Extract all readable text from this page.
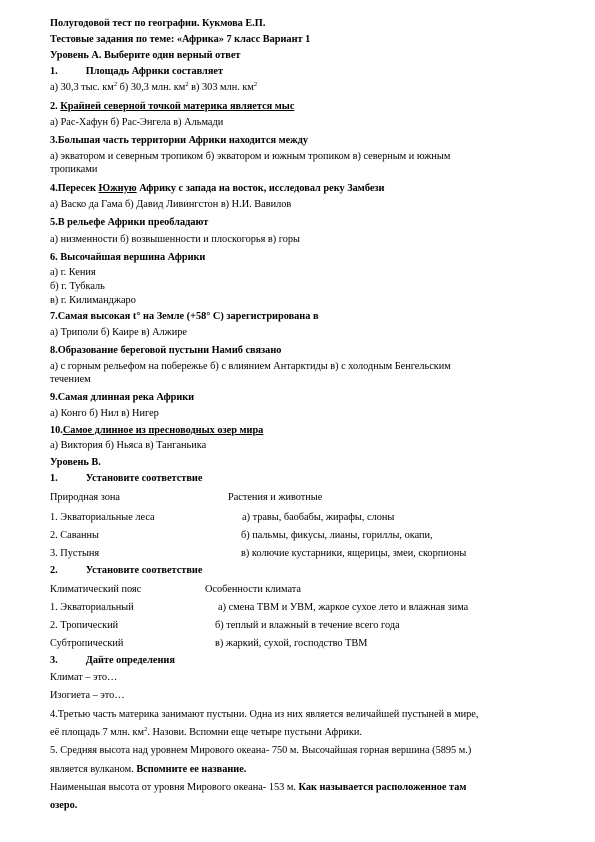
Полугодовой тест по географии. Кукмова Е.П.
Тестовые задания по теме: «Африка» 7 класс Вариант 1
Уровень А. Выберите один верный ответ
1.	Площадь Африки составляет
а) 30,3 тыс. $км^2$ б) 30,3 млн. $км^2$ в) 303 млн. $км^2$
2. Крайней северной точкой материка является мыс
а) Рас-Хафун б) Рас-Энгела в) Альмади
3.Большая часть территории Африки находится между
а) экватором и северным тропиком б) экватором и южным тропиком в) северным и южным
тропиками
4.Пересек Южную Африку с запада на восток, исследовал реку Замбези
а) Васко да Гама б) Давид Ливингстон в) Н.И. Вавилов
5.В рельефе Африки преобладают
а) низменности б) возвышенности и плоскогорья в) горы
6. Высочайшая вершина Африки
а) г. Кения
б) г. Тубкаль
в) г. Килиманджаро
7.Самая высокая t° на Земле (+58° С) зарегистрирована в
а) Триполи б) Каире в) Алжире
8.Образование береговой пустыни Намиб связано
а) с горным рельефом на побережье б) с влиянием Антарктиды в) с холодным Бенгельским
течением
9.Самая длинная река Африки
а) Конго б) Нил в) Нигер
10.Самое длинное из пресноводных озер мира
а) Виктория б) Ньяса в) Танганьика
Уровень В.
1.	Установите соответствие
Природная зона	Растения и животные
1. Экваториальные леса	а) травы, баобабы, жирафы, слоны
2. Саванны	б) пальмы, фикусы, лианы, гориллы, окапи,
3. Пустыня	в) колючие кустарники, ящерицы, змеи, скорпионы
2.	Установите соответствие
Климатический пояс	Особенности климата
1. Экваториальный	а) смена ТВМ и УВМ, жаркое сухое лето и влажная зима
2. Тропический	б) теплый и влажный в течение всего года
Субтропический	в) жаркий, сухой, господство ТВМ
3.	Дайте определения
Климат – это…
Изогиета – это…
4.Третью часть материка занимают пустыни. Одна из них является величайшей пустыней в мире,
её площадь 7 млн. $км^2$. Назови. Вспомни еще четыре пустыни Африки.
5. Средняя высота над уровнем Мирового океана- 750 м. Высочайшая горная вершина (5895 м.)
является вулканом. Вспомните ее название.
Наименьшая высота от уровня Мирового океана- 153 м. Как называется расположенное там
озеро.
